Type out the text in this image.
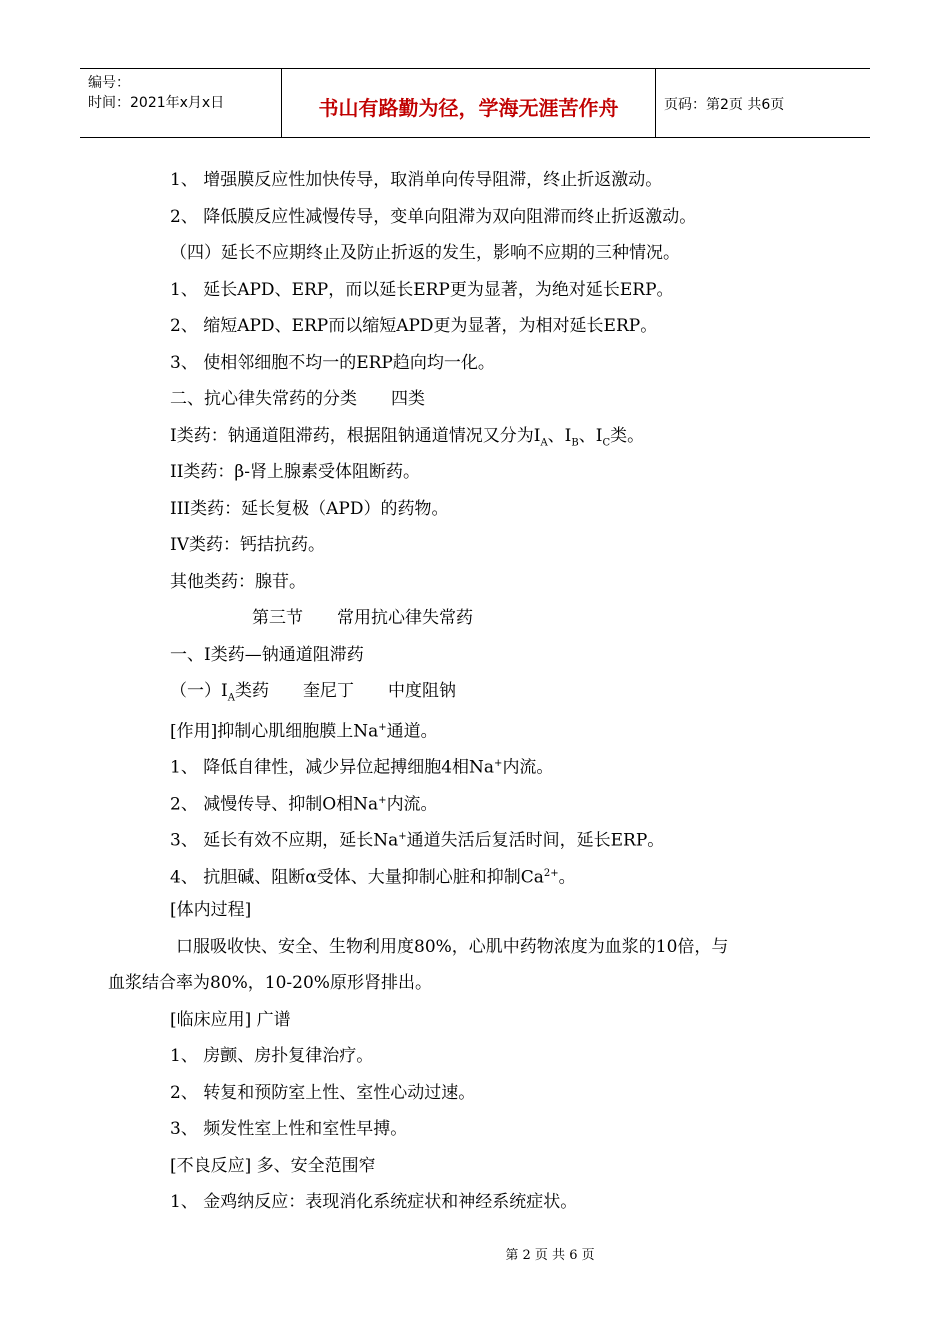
编号：
时间：2021年x月x日	书山有路勤为径，学海无涯苦作舟	页码：第2页 共6页
1、 增强膜反应性加快传导，取消单向传导阻滞，终止折返激动。
2、 降低膜反应性减慢传导，变单向阻滞为双向阻滞而终止折返激动。
（四）延长不应期终止及防止折返的发生，影响不应期的三种情况。
1、 延长APD、ERP，而以延长ERP更为显著，为绝对延长ERP。
2、 缩短APD、ERP而以缩短APD更为显著，为相对延长ERP。
3、 使相邻细胞不均一的ERP趋向均一化。
二、抗心律失常药的分类　　四类
I类药：钠通道阻滞药，根据阻钠通道情况又分为$I_A$、$I_B$、$I_C$类。
II类药：β-肾上腺素受体阻断药。
III类药：延长复极（APD）的药物。
IV类药：钙拮抗药。
其他类药：腺苷。
第三节　　常用抗心律失常药
一、I类药—钠通道阻滞药
（一）$I_A$类药　　奎尼丁　　中度阻钠
[作用]抑制心肌细胞膜上Na+通道。
1、 降低自律性，减少异位起搏细胞4相Na+内流。
2、 减慢传导、抑制O相Na+内流。
3、 延长有效不应期，延长Na+通道失活后复活时间，延长ERP。
4、 抗胆碱、阻断α受体、大量抑制心脏和抑制$Ca^{2+}$。
[体内过程]
口服吸收快、安全、生物利用度80%，心肌中药物浓度为血浆的10倍，与
血浆结合率为80%，10-20%原形肾排出。
[临床应用] 广谱
1、 房颤、房扑复律治疗。
2、 转复和预防室上性、室性心动过速。
3、 频发性室上性和室性早搏。
[不良反应] 多、安全范围窄
1、 金鸡纳反应：表现消化系统症状和神经系统症状。
第 2 页 共 6 页
